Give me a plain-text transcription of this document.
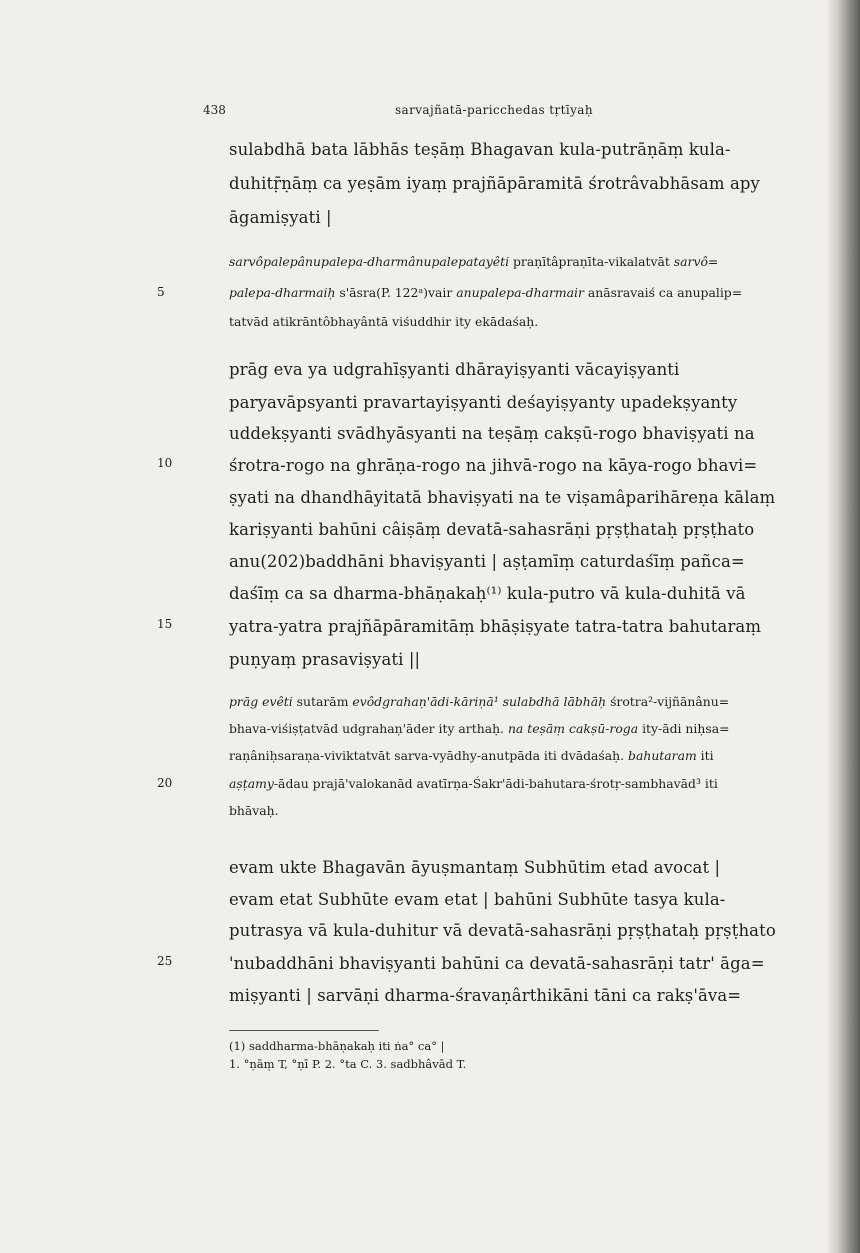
438	sarvajñatā-paricchedas tṛtīyaḥ
sulabdhā bata lābhās teṣāṃ Bhagavan kula-putrāṇāṃ kula-
duhitṝṇāṃ ca yeṣām iyaṃ prajñāpāramitā śrotrâvabhāsam apy
āgamiṣyati |
sarvôpalepânupalepa-dharmânupalepatayêti praṇītâpraṇīta-vikalatvāt sarvô=
5	palepa-dharmaiḥ s'āsra(P. 122ᵃ)vair anupalepa-dharmair anāsravaiś ca anupalip=
tatvād atikrāntôbhayântā viśuddhir ity ekādaśaḥ.
prāg eva ya udgrahīṣyanti dhārayiṣyanti vācayiṣyanti
paryavāpsyanti pravartayiṣyanti deśayiṣyanty upadekṣyanty
uddekṣyanti svādhyāsyanti na teṣāṃ cakṣū-rogo bhaviṣyati na
10	śrotra-rogo na ghrāṇa-rogo na jihvā-rogo na kāya-rogo bhavi=
ṣyati na dhandhāyitatā bhaviṣyati na te viṣamâparihāreṇa kālaṃ
kariṣyanti bahūni câiṣāṃ devatā-sahasrāṇi pṛṣṭhataḥ pṛṣṭhato
anu(202)baddhāni bhaviṣyanti | aṣṭamīṃ caturdaśīṃ pañca=
daśīṃ ca sa dharma-bhāṇakaḥ⁽¹⁾ kula-putro vā kula-duhitā vā
15	yatra-yatra prajñāpāramitāṃ bhāṣiṣyate tatra-tatra bahutaraṃ
puṇyaṃ prasaviṣyati ||
prāg evêti sutarām evôdgrahaṇ'ādi-kāriṇā¹ sulabdhā lābhāḥ śrotra²-vijñānânu=
bhava-viśiṣṭatvād udgrahaṇ'āder ity arthaḥ. na teṣāṃ cakṣū-roga ity-ādi niḥsa=
raṇâniḥsaraṇa-viviktatvāt sarva-vyādhy-anutpāda iti dvādaśaḥ. bahutaram iti
20	aṣṭamy-ādau prajā'valokanād avatīrṇa-Śakr'ādi-bahutara-śrotṛ-sambhavād³ iti
bhāvaḥ.
evam ukte Bhagavān āyuṣmantaṃ Subhūtim etad avocat |
evam etat Subhūte evam etat | bahūni Subhūte tasya kula-
putrasya vā kula-duhitur vā devatā-sahasrāṇi pṛṣṭhataḥ pṛṣṭhato
25	'nubaddhāni bhaviṣyanti bahūni ca devatā-sahasrāṇi tatr' āga=
miṣyanti | sarvāṇi dharma-śravaṇârthikāni tāni ca rakṣ'āva=
(1) saddharma-bhāṇakaḥ iti ṅa° ca° |
1. °ṇāṃ T, °ṇī P. 2. °ta C. 3. sadbhâvād T.
